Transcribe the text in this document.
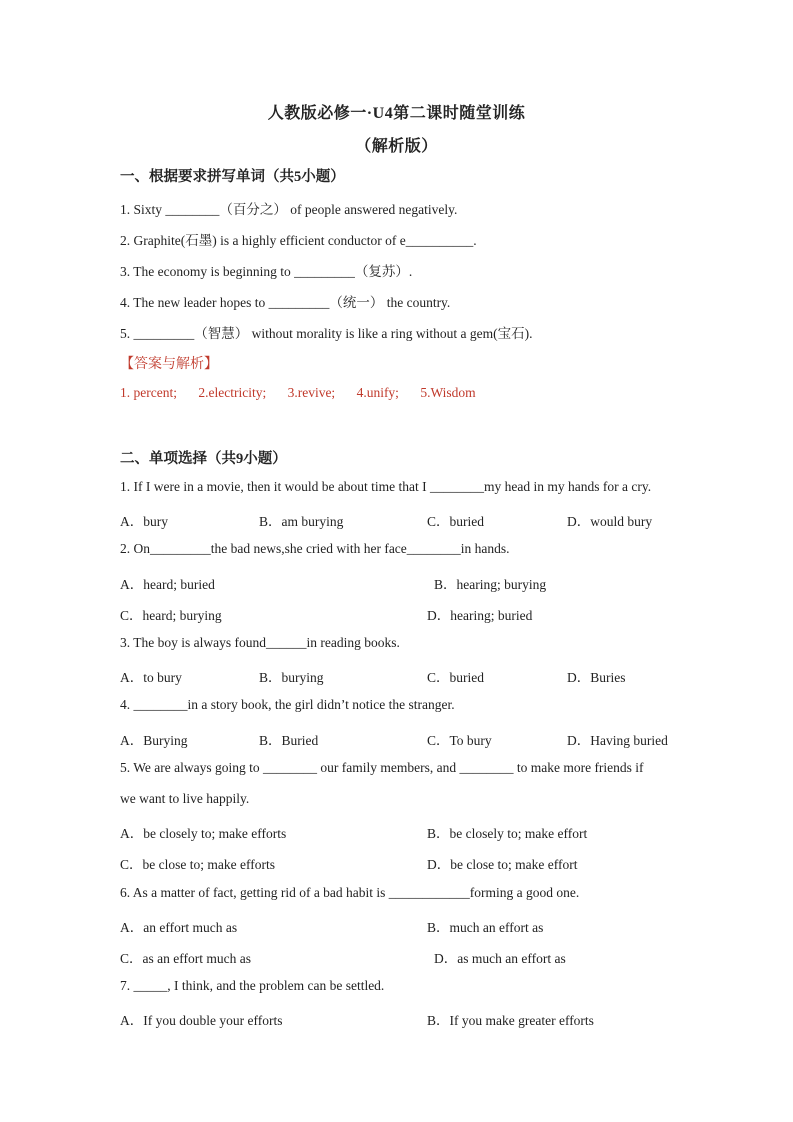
人教版必修一·U4第二课时随堂训练
（解析版）
一、根据要求拼写单词（共5小题）
1. Sixty ________（百分之） of people answered negatively.
2. Graphite(石墨) is a highly efficient conductor of e__________.
3. The economy is beginning to _________（复苏）.
4. The new leader hopes to _________（统一） the country.
5. _________（智慧） without morality is like a ring without a gem(宝石).
【答案与解析】
1. percent; 2.electricity; 3.revive; 4.unify; 5.Wisdom
二、单项选择（共9小题）
1. If I were in a movie, then it would be about time that I ________my head in my hands for a cry.
A．bury	B．am burying	C．buried	D．would bury
2. On_________the bad news,she cried with her face________in hands.
A．heard; buried	B．hearing; burying
C．heard; burying	D．hearing; buried
3. The boy is always found______in reading books.
A．to bury	B．burying	C．buried	D．Buries
4. ________in a story book, the girl didn’t notice the stranger.
A．Burying	B．Buried	C．To bury	D．Having buried
5. We are always going to ________ our family members, and ________ to make more friends if
we want to live happily.
A．be closely to; make efforts	B．be closely to; make effort
C．be close to; make efforts	D．be close to; make effort
6. As a matter of fact, getting rid of a bad habit is ____________forming a good one.
A．an effort much as	B．much an effort as
C．as an effort much as	D．as much an effort as
7. _____, I think, and the problem can be settled.
A．If you double your efforts	B．If you make greater efforts
